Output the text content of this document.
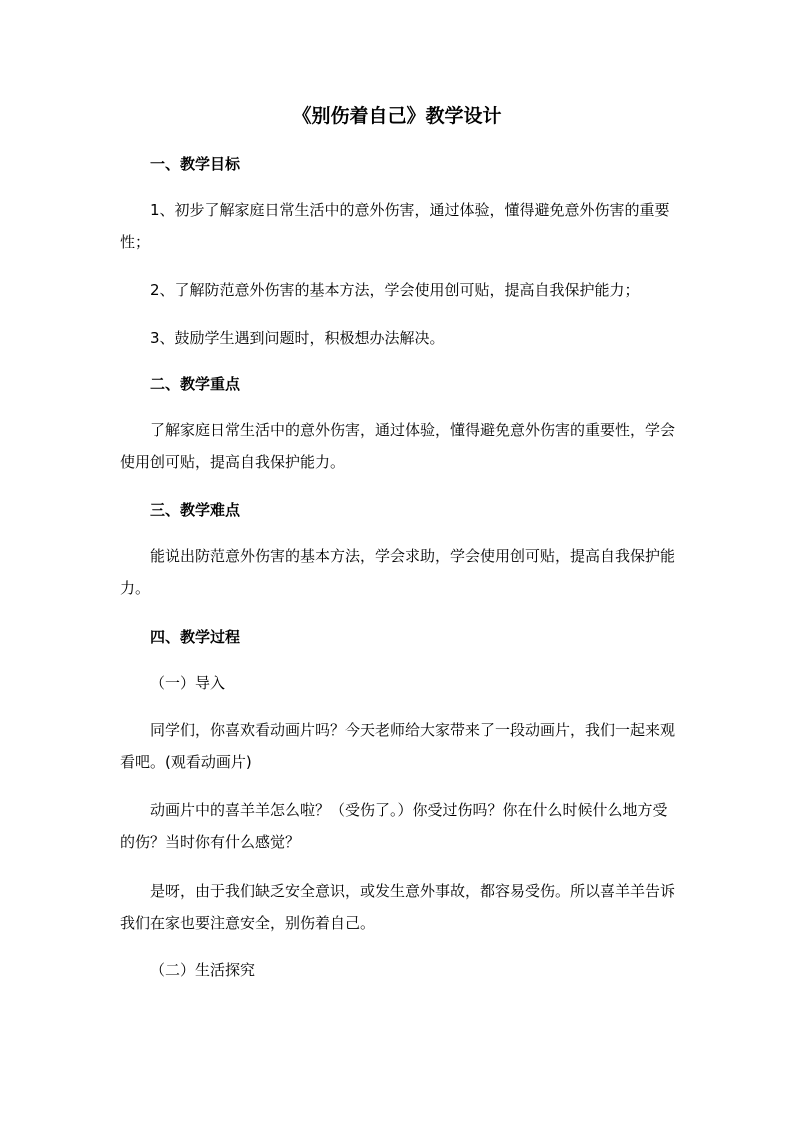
《别伤着自己》教学设计
一、教学目标
1、初步了解家庭日常生活中的意外伤害，通过体验，懂得避免意外伤害的重要性；
2、了解防范意外伤害的基本方法，学会使用创可贴，提高自我保护能力；
3、鼓励学生遇到问题时，积极想办法解决。
二、教学重点
了解家庭日常生活中的意外伤害，通过体验，懂得避免意外伤害的重要性，学会使用创可贴，提高自我保护能力。
三、教学难点
能说出防范意外伤害的基本方法，学会求助，学会使用创可贴，提高自我保护能力。
四、教学过程
（一）导入
同学们，你喜欢看动画片吗？今天老师给大家带来了一段动画片，我们一起来观看吧。(观看动画片)
动画片中的喜羊羊怎么啦？（受伤了。）你受过伤吗？你在什么时候什么地方受的伤？当时你有什么感觉？
是呀，由于我们缺乏安全意识，或发生意外事故，都容易受伤。所以喜羊羊告诉我们在家也要注意安全，别伤着自己。
（二）生活探究
